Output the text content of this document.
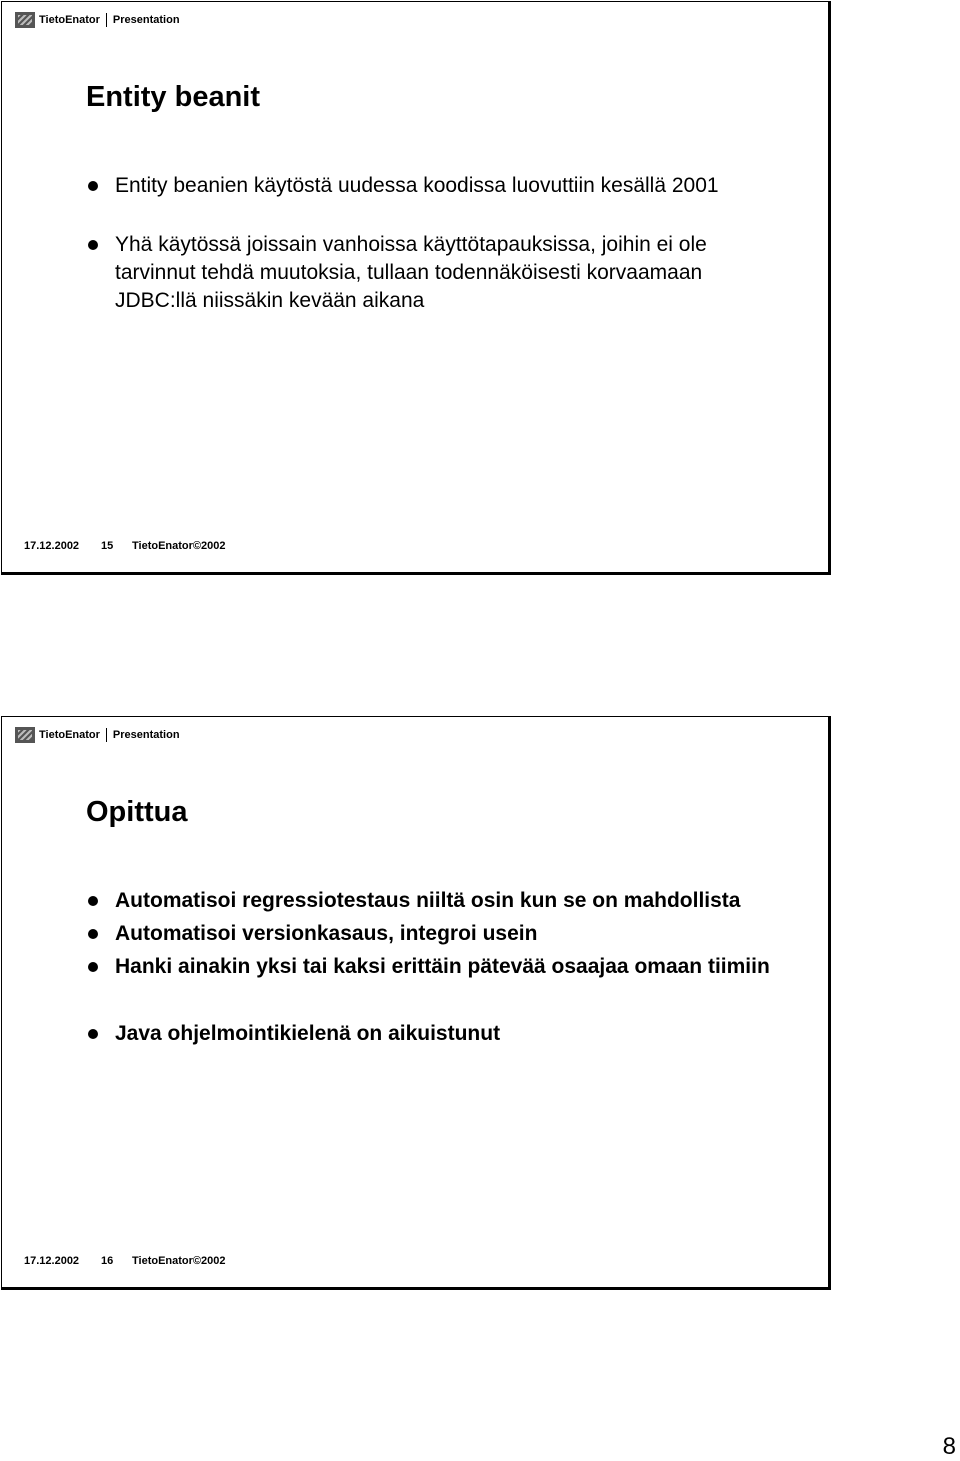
TietoEnator Presentation
Entity beanit
Entity beanien käytöstä uudessa koodissa luovuttiin kesällä 2001
Yhä käytössä joissain vanhoissa käyttötapauksissa, joihin ei ole tarvinnut tehdä muutoksia, tullaan todennäköisesti korvaamaan JDBC:llä niissäkin kevään aikana
17.12.2002	15	TietoEnator©2002
TietoEnator Presentation
Opittua
Automatisoi regressiotestaus niiltä osin kun se on mahdollista
Automatisoi versionkasaus, integroi usein
Hanki ainakin yksi tai kaksi erittäin pätevää osaajaa omaan tiimiin
Java ohjelmointikielenä on aikuistunut
17.12.2002	16	TietoEnator©2002
8
